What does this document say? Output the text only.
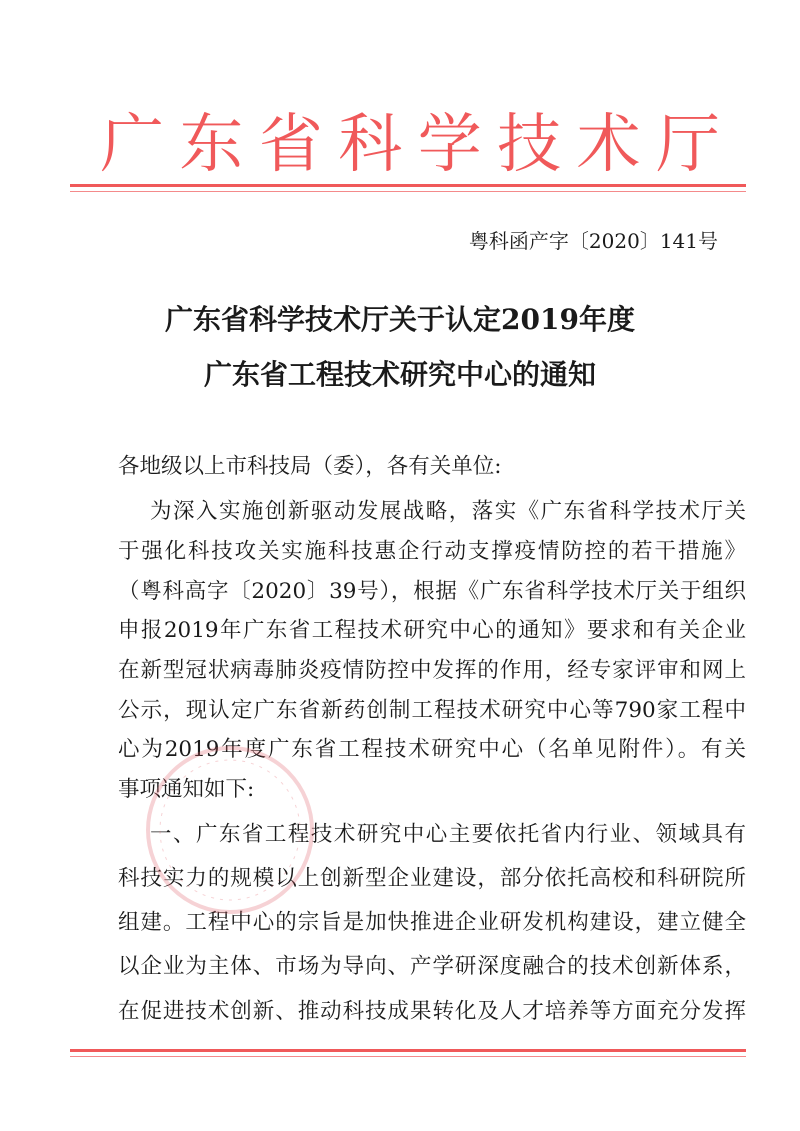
广 东 省 科 学 技 术 厅
粤科函产字〔2020〕141号
广东省科学技术厅关于认定2019年度
广东省工程技术研究中心的通知
各地级以上市科技局（委），各有关单位:
为深入实施创新驱动发展战略，落实《广东省科学技术厅关
于强化科技攻关实施科技惠企行动支撑疫情防控的若干措施》
（粤科高字〔2020〕39号），根据《广东省科学技术厅关于组织
申报2019年广东省工程技术研究中心的通知》要求和有关企业
在新型冠状病毒肺炎疫情防控中发挥的作用，经专家评审和网上
公示，现认定广东省新药创制工程技术研究中心等790家工程中
心为2019年度广东省工程技术研究中心（名单见附件）。有关
事项通知如下:
一、广东省工程技术研究中心主要依托省内行业、领域具有
科技实力的规模以上创新型企业建设，部分依托高校和科研院所
组建。工程中心的宗旨是加快推进企业研发机构建设，建立健全
以企业为主体、市场为导向、产学研深度融合的技术创新体系，
在促进技术创新、推动科技成果转化及人才培养等方面充分发挥
